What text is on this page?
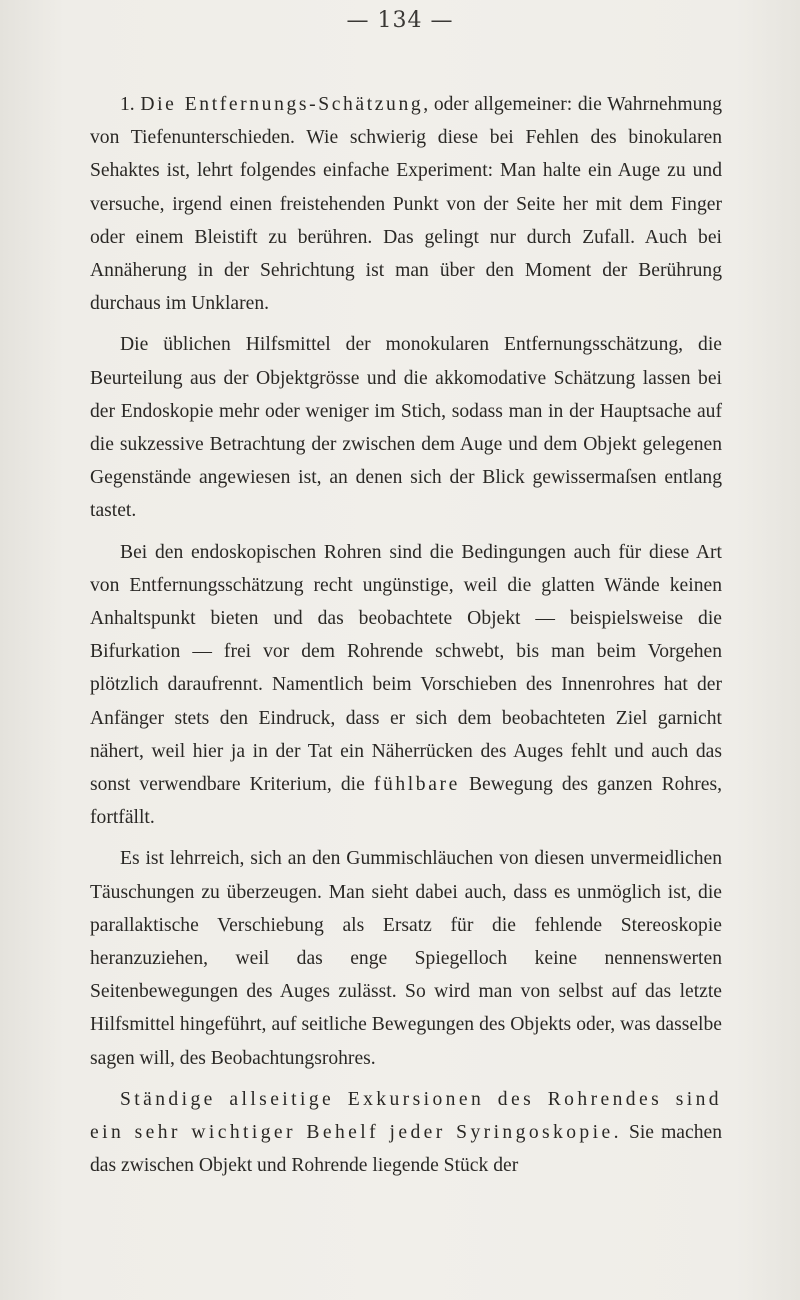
— 134 —

1. Die Entfernungs-Schätzung, oder allgemeiner: die Wahrnehmung von Tiefenunterschieden. Wie schwierig diese bei Fehlen des binokularen Sehaktes ist, lehrt folgendes einfache Experiment: Man halte ein Auge zu und versuche, irgend einen freistehenden Punkt von der Seite her mit dem Finger oder einem Bleistift zu berühren. Das gelingt nur durch Zufall. Auch bei Annäherung in der Sehrichtung ist man über den Moment der Berührung durchaus im Unklaren.

Die üblichen Hilfsmittel der monokularen Entfernungsschätzung, die Beurteilung aus der Objektgrösse und die akkomodative Schätzung lassen bei der Endoskopie mehr oder weniger im Stich, sodass man in der Hauptsache auf die sukzessive Betrachtung der zwischen dem Auge und dem Objekt gelegenen Gegenstände angewiesen ist, an denen sich der Blick gewissermaſsen entlang tastet.

Bei den endoskopischen Rohren sind die Bedingungen auch für diese Art von Entfernungsschätzung recht ungünstige, weil die glatten Wände keinen Anhaltspunkt bieten und das beobachtete Objekt — beispielsweise die Bifurkation — frei vor dem Rohrende schwebt, bis man beim Vorgehen plötzlich daraufrennt. Namentlich beim Vorschieben des Innenrohres hat der Anfänger stets den Eindruck, dass er sich dem beobachteten Ziel garnicht nähert, weil hier ja in der Tat ein Näherrücken des Auges fehlt und auch das sonst verwendbare Kriterium, die fühlbare Bewegung des ganzen Rohres, fortfällt.

Es ist lehrreich, sich an den Gummischläuchen von diesen unvermeidlichen Täuschungen zu überzeugen. Man sieht dabei auch, dass es unmöglich ist, die parallaktische Verschiebung als Ersatz für die fehlende Stereoskopie heranzuziehen, weil das enge Spiegelloch keine nennenswerten Seitenbewegungen des Auges zulässt. So wird man von selbst auf das letzte Hilfsmittel hingeführt, auf seitliche Bewegungen des Objekts oder, was dasselbe sagen will, des Beobachtungsrohres.

Ständige allseitige Exkursionen des Rohrendes sind ein sehr wichtiger Behelf jeder Syringoskopie. Sie machen das zwischen Objekt und Rohrende liegende Stück der
